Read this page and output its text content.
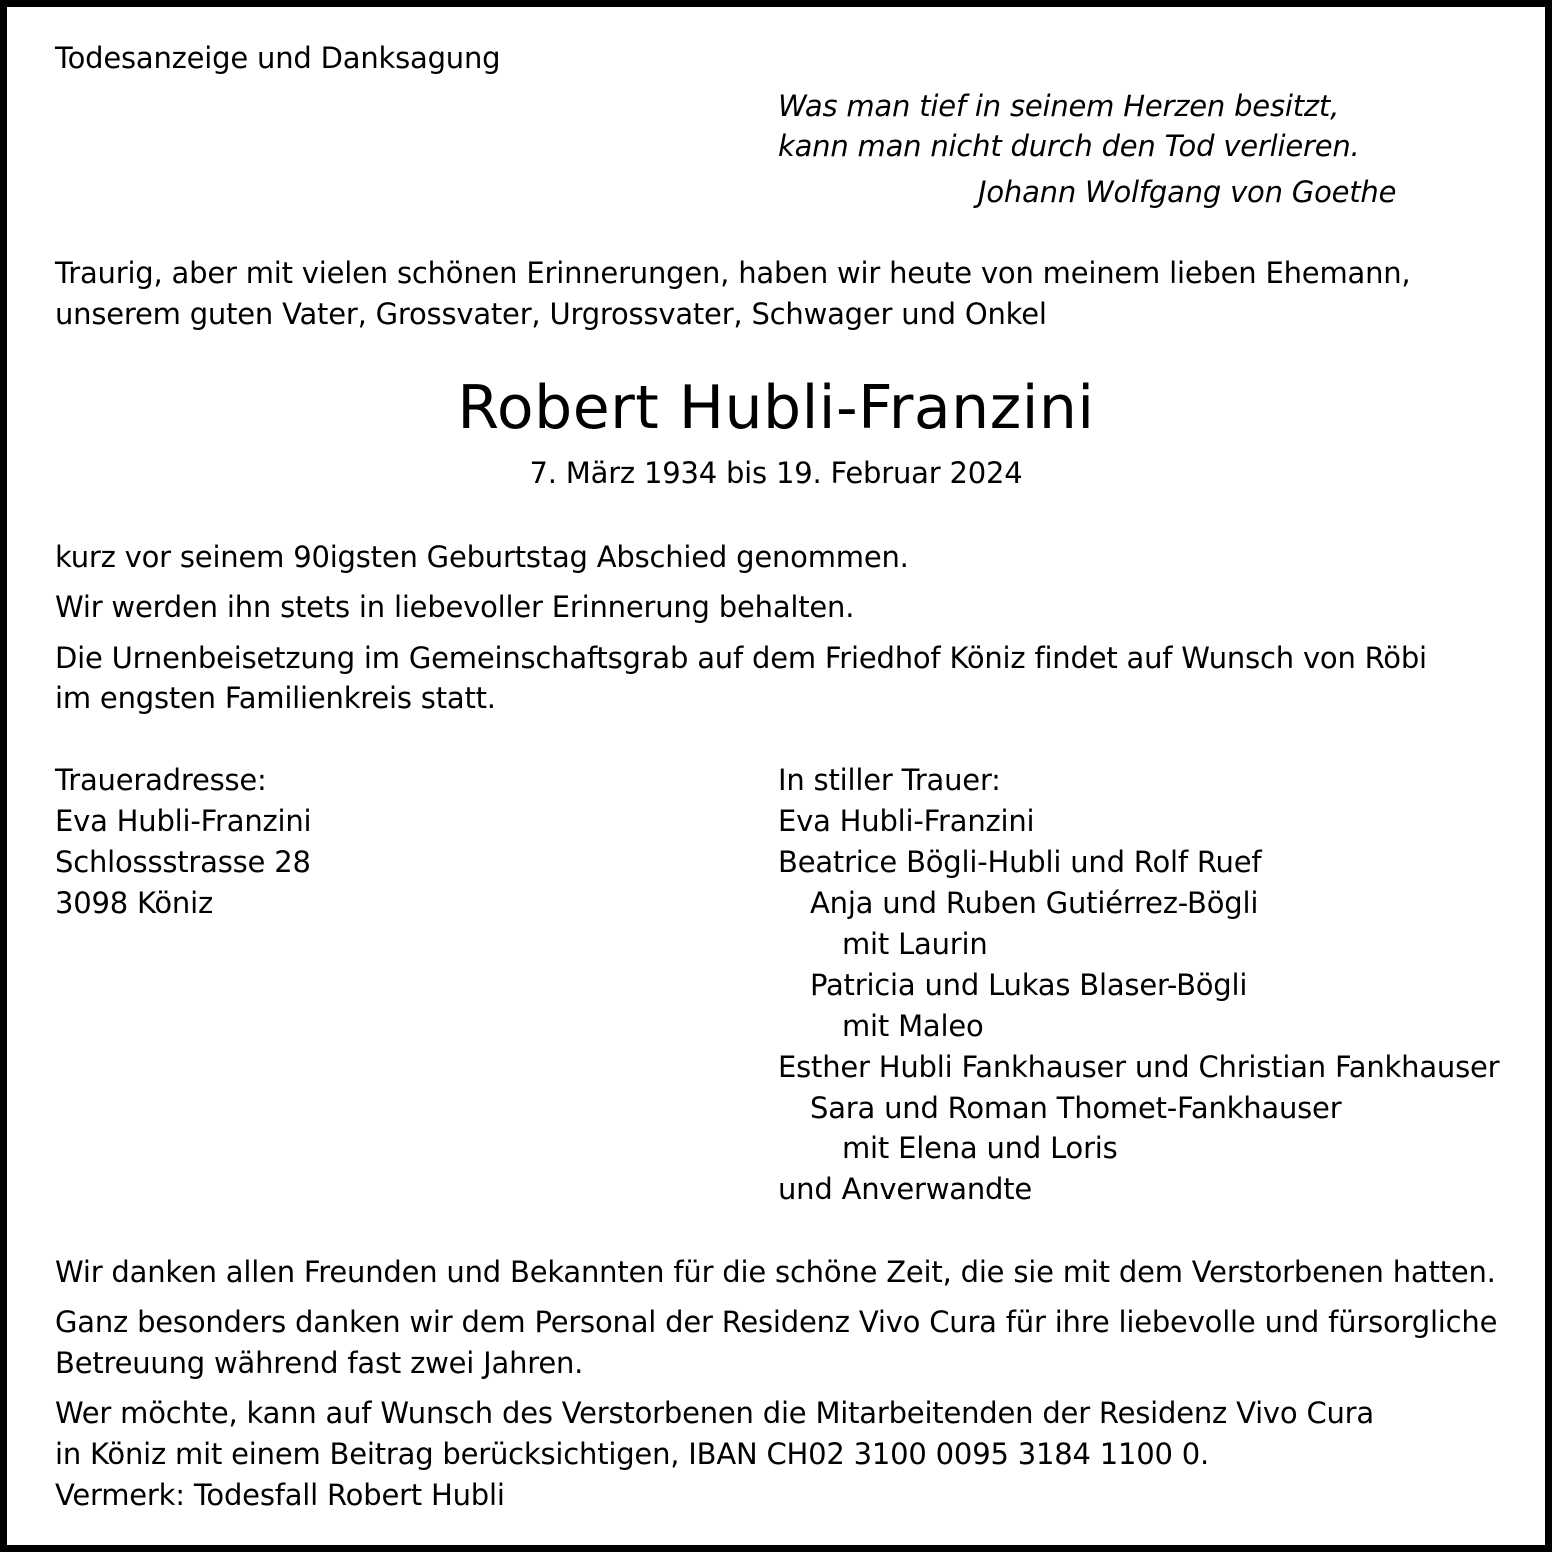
Todesanzeige und Danksagung
Was man tief in seinem Herzen besitzt,
kann man nicht durch den Tod verlieren.
Johann Wolfgang von Goethe
Traurig, aber mit vielen schönen Erinnerungen, haben wir heute von meinem lieben Ehemann,
unserem guten Vater, Grossvater, Urgrossvater, Schwager und Onkel
Robert Hubli-Franzini
7. März 1934 bis 19. Februar 2024
kurz vor seinem 90igsten Geburtstag Abschied genommen.
Wir werden ihn stets in liebevoller Erinnerung behalten.
Die Urnenbeisetzung im Gemeinschaftsgrab auf dem Friedhof Köniz findet auf Wunsch von Röbi
im engsten Familienkreis statt.
Traueradresse:
Eva Hubli-Franzini
Schlossstrasse 28
3098 Köniz
In stiller Trauer:
Eva Hubli-Franzini
Beatrice Bögli-Hubli und Rolf Ruef
Anja und Ruben Gutiérrez-Bögli
mit Laurin
Patricia und Lukas Blaser-Bögli
mit Maleo
Esther Hubli Fankhauser und Christian Fankhauser
Sara und Roman Thomet-Fankhauser
mit Elena und Loris
und Anverwandte
Wir danken allen Freunden und Bekannten für die schöne Zeit, die sie mit dem Verstorbenen hatten.
Ganz besonders danken wir dem Personal der Residenz Vivo Cura für ihre liebevolle und fürsorgliche
Betreuung während fast zwei Jahren.
Wer möchte, kann auf Wunsch des Verstorbenen die Mitarbeitenden der Residenz Vivo Cura
in Köniz mit einem Beitrag berücksichtigen, IBAN CH02 3100 0095 3184 1100 0.
Vermerk: Todesfall Robert Hubli
